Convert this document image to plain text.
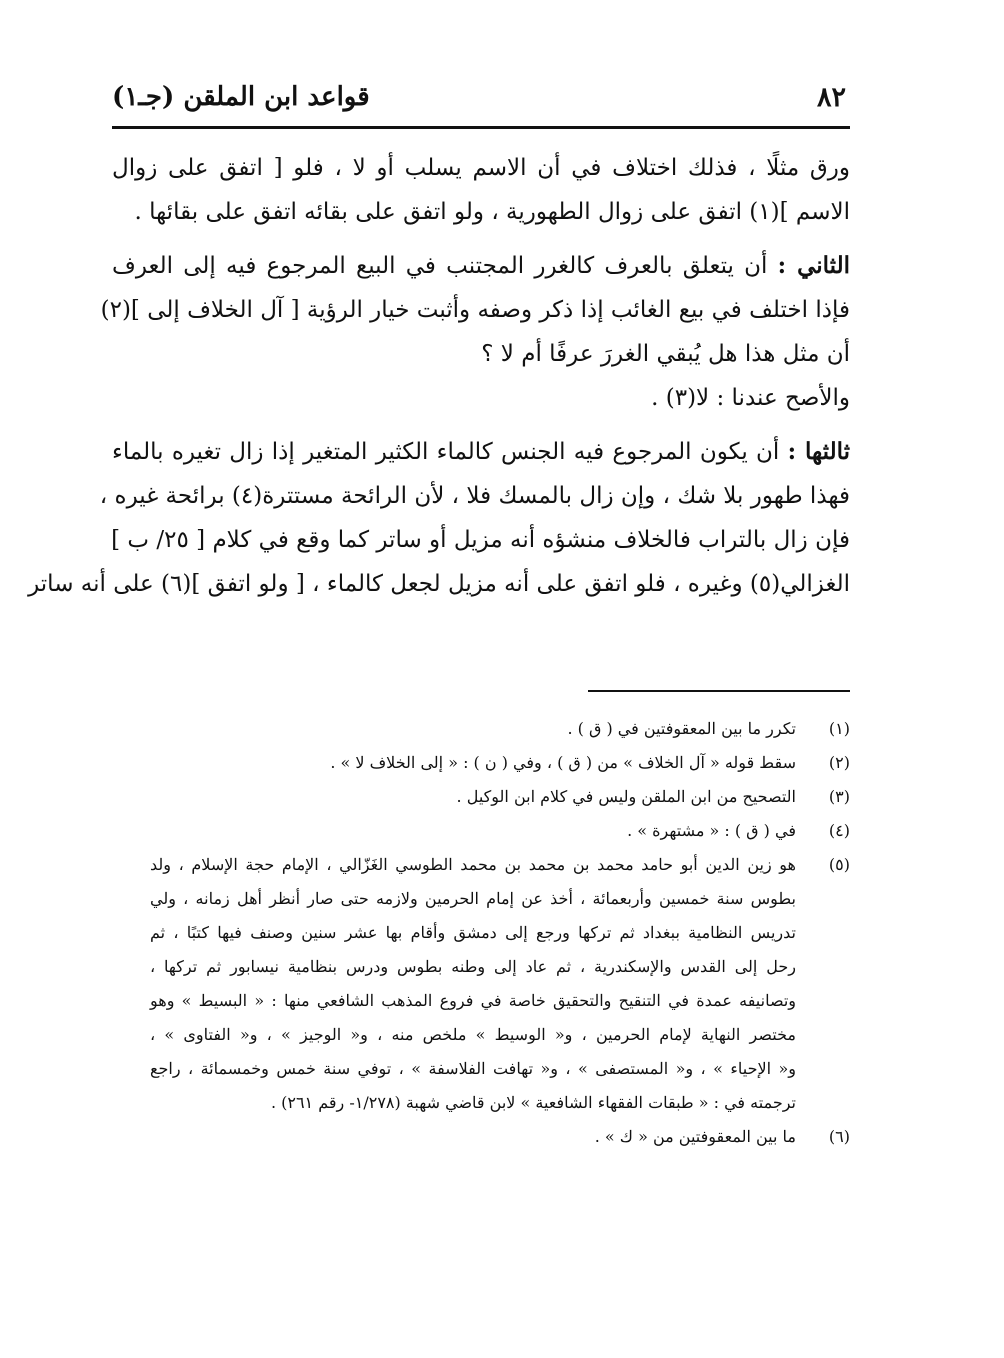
٨٢
قواعد ابن الملقن (جـ١)
ورق مثلًا ، فذلك اختلاف في أن الاسم يسلب أو لا ، فلو [ اتفق على زوال
الاسم ](١) اتفق على زوال الطهورية ، ولو اتفق على بقائه اتفق على بقائها .
الثاني : أن يتعلق بالعرف كالغرر المجتنب في البيع المرجوع فيه إلى العرف
فإذا اختلف في بيع الغائب إذا ذكر وصفه وأثبت خيار الرؤية [ آل الخلاف إلى ](٢)
أن مثل هذا هل يُبقي الغررَ عرفًا أم لا ؟
والأصح عندنا : لا(٣) .
ثالثها : أن يكون المرجوع فيه الجنس كالماء الكثير المتغير إذا زال تغيره بالماء
فهذا طهور بلا شك ، وإن زال بالمسك فلا ، لأن الرائحة مستترة(٤) برائحة غيره ،
فإن زال بالتراب فالخلاف منشؤه أنه مزيل أو ساتر كما وقع في كلام [ ٢٥/ ب ]
الغزالي(٥) وغيره ، فلو اتفق على أنه مزيل لجعل كالماء ، [ ولو اتفق ](٦) على أنه ساتر
(١)
تكرر ما بين المعقوفتين في ( ق ) .
(٢)
سقط قوله « آل الخلاف » من ( ق ) ، وفي ( ن ) : « إلى الخلاف لا » .
(٣)
التصحيح من ابن الملقن وليس في كلام ابن الوكيل .
(٤)
في ( ق ) : « مشتهرة » .
(٥)
هو زين الدين أبو حامد محمد بن محمد بن محمد الطوسي الغَزّالي ، الإمام حجة الإسلام ، ولد
بطوس سنة خمسين وأربعمائة ، أخذ عن إمام الحرمين ولازمه حتى صار أنظر أهل زمانه ، ولي
تدريس النظامية ببغداد ثم تركها ورجع إلى دمشق وأقام بها عشر سنين وصنف فيها كتبًا ، ثم
رحل إلى القدس والإسكندرية ، ثم عاد إلى وطنه بطوس ودرس بنظامية نيسابور ثم تركها ،
وتصانيفه عمدة في التنقيح والتحقيق خاصة في فروع المذهب الشافعي منها : « البسيط » وهو
مختصر النهاية لإمام الحرمين ، و« الوسيط » ملخص منه ، و« الوجيز » ، و« الفتاوى » ،
و« الإحياء » ، و« المستصفى » ، و« تهافت الفلاسفة » ، توفي سنة خمس وخمسمائة ، راجع
ترجمته في : « طبقات الفقهاء الشافعية » لابن قاضي شهبة (١/٢٧٨- رقم ٢٦١) .
(٦)
ما بين المعقوفتين من « ك » .
